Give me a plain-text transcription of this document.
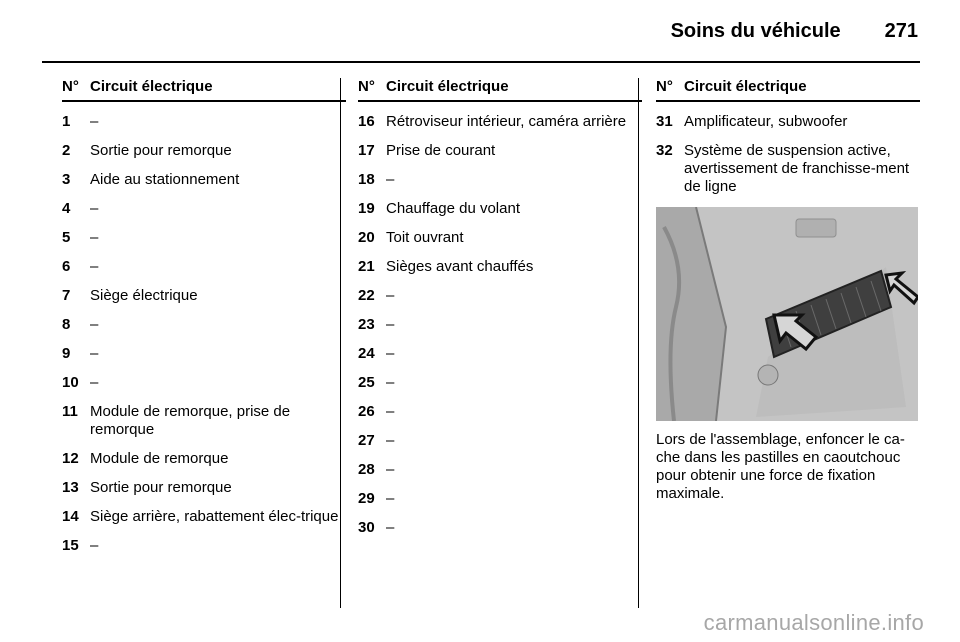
Soins du véhicule 271
N° Circuit électrique
1	–
2	Sortie pour remorque
3	Aide au stationnement
4	–
5	–
6	–
7	Siège électrique
8	–
9	–
10 –
11 Module de remorque, prise de remorque
12 Module de remorque
13 Sortie pour remorque
14 Siège arrière, rabattement élec-trique
15 –
N° Circuit électrique
16 Rétroviseur intérieur, caméra arrière
17 Prise de courant
18 –
19 Chauffage du volant
20 Toit ouvrant
21 Sièges avant chauffés
22 –
23 –
24 –
25 –
26 –
27 –
28 –
29 –
30 –
N° Circuit électrique
31 Amplificateur, subwoofer
32 Système de suspension active, avertissement de franchisse-ment de ligne
Lors de l'assemblage, enfoncer le ca-che dans les pastilles en caoutchouc pour obtenir une force de fixation maximale.
carmanualsonline.info
